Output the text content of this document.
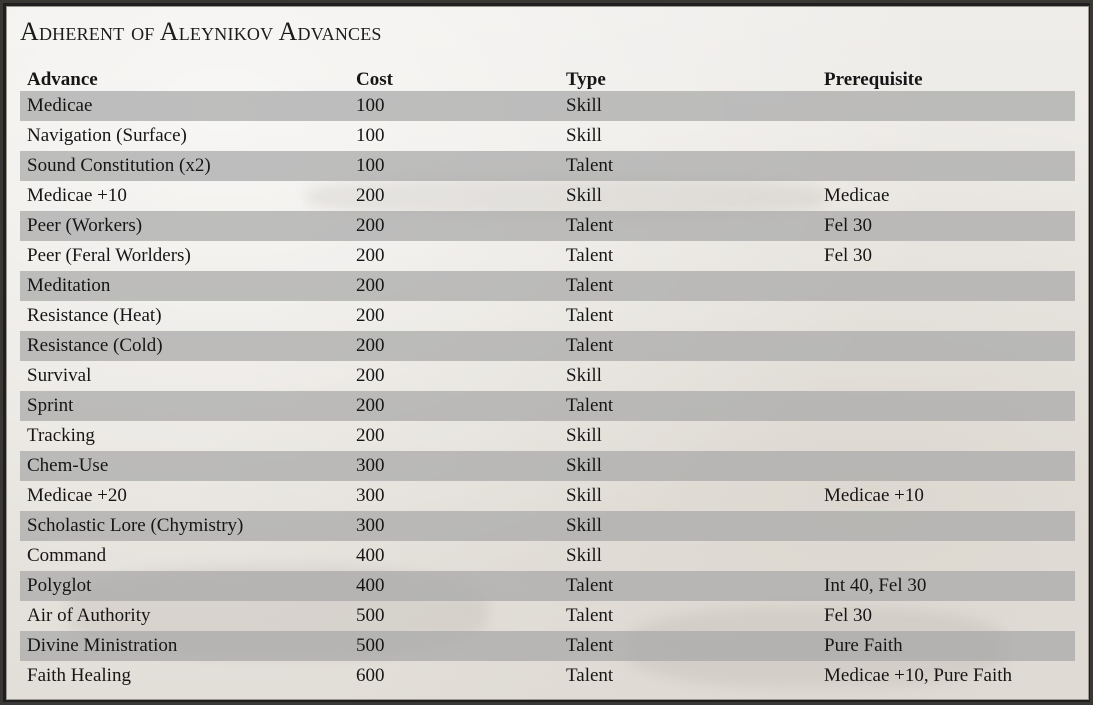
Adherent of Aleynikov Advances
Advance	Cost	Type	Prerequisite
Medicae	100	Skill	
Navigation (Surface)	100	Skill	
Sound Constitution (x2)	100	Talent	
Medicae +10	200	Skill	Medicae
Peer (Workers)	200	Talent	Fel 30
Peer (Feral Worlders)	200	Talent	Fel 30
Meditation	200	Talent	
Resistance (Heat)	200	Talent	
Resistance (Cold)	200	Talent	
Survival	200	Skill	
Sprint	200	Talent	
Tracking	200	Skill	
Chem-Use	300	Skill	
Medicae +20	300	Skill	Medicae +10
Scholastic Lore (Chymistry)	300	Skill	
Command	400	Skill	
Polyglot	400	Talent	Int 40, Fel 30
Air of Authority	500	Talent	Fel 30
Divine Ministration	500	Talent	Pure Faith
Faith Healing	600	Talent	Medicae +10, Pure Faith
